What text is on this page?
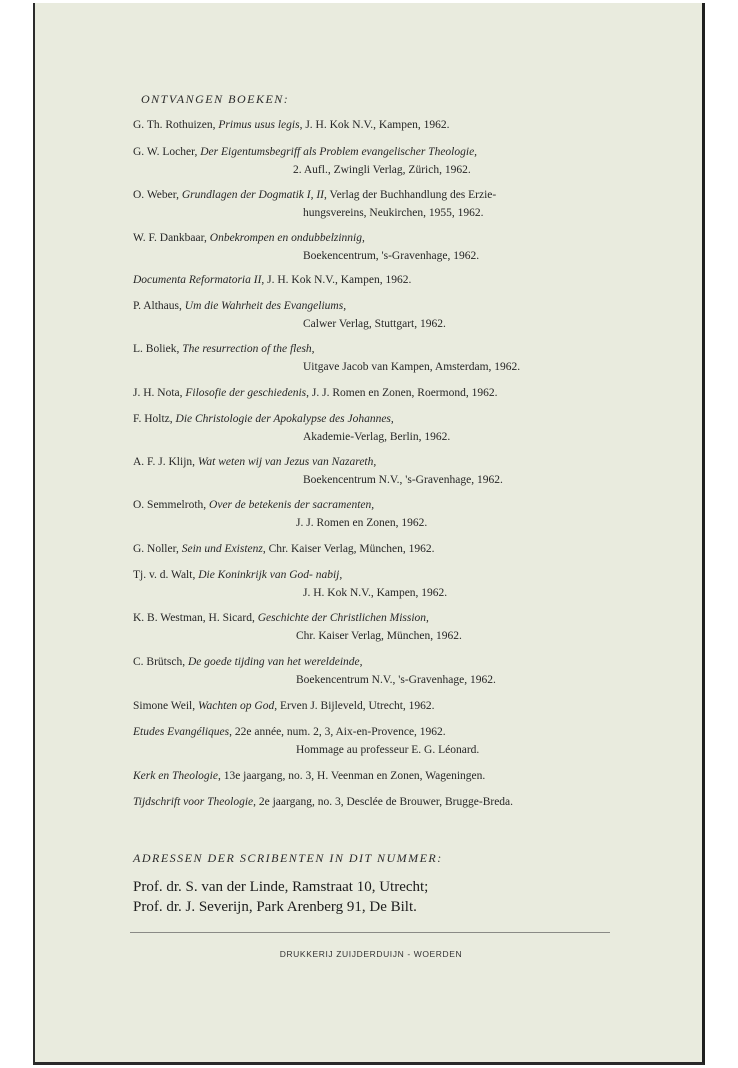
ONTVANGEN BOEKEN:
G. Th. Rothuizen, Primus usus legis, J. H. Kok N.V., Kampen, 1962.
G. W. Locher, Der Eigentumsbegriff als Problem evangelischer Theologie,
2. Aufl., Zwingli Verlag, Zürich, 1962.
O. Weber, Grundlagen der Dogmatik I, II, Verlag der Buchhandlung des Erzie-
hungsvereins, Neukirchen, 1955, 1962.
W. F. Dankbaar, Onbekrompen en ondubbelzinnig,
Boekencentrum, 's-Gravenhage, 1962.
Documenta Reformatoria II, J. H. Kok N.V., Kampen, 1962.
P. Althaus, Um die Wahrheit des Evangeliums,
Calwer Verlag, Stuttgart, 1962.
L. Boliek, The resurrection of the flesh,
Uitgave Jacob van Kampen, Amsterdam, 1962.
J. H. Nota, Filosofie der geschiedenis, J. J. Romen en Zonen, Roermond, 1962.
F. Holtz, Die Christologie der Apokalypse des Johannes,
Akademie-Verlag, Berlin, 1962.
A. F. J. Klijn, Wat weten wij van Jezus van Nazareth,
Boekencentrum N.V., 's-Gravenhage, 1962.
O. Semmelroth, Over de betekenis der sacramenten,
J. J. Romen en Zonen, 1962.
G. Noller, Sein und Existenz, Chr. Kaiser Verlag, München, 1962.
Tj. v. d. Walt, Die Koninkrijk van God- nabij,
J. H. Kok N.V., Kampen, 1962.
K. B. Westman, H. Sicard, Geschichte der Christlichen Mission,
Chr. Kaiser Verlag, München, 1962.
C. Brütsch, De goede tijding van het wereldeinde,
Boekencentrum N.V., 's-Gravenhage, 1962.
Simone Weil, Wachten op God, Erven J. Bijleveld, Utrecht, 1962.
Etudes Evangéliques, 22e année, num. 2, 3, Aix-en-Provence, 1962.
Hommage au professeur E. G. Léonard.
Kerk en Theologie, 13e jaargang, no. 3, H. Veenman en Zonen, Wageningen.
Tijdschrift voor Theologie, 2e jaargang, no. 3, Desclée de Brouwer, Brugge-Breda.
ADRESSEN DER SCRIBENTEN IN DIT NUMMER:
Prof. dr. S. van der Linde, Ramstraat 10, Utrecht;
Prof. dr. J. Severijn, Park Arenberg 91, De Bilt.
DRUKKERIJ ZUIJDERDUIJN - WOERDEN
